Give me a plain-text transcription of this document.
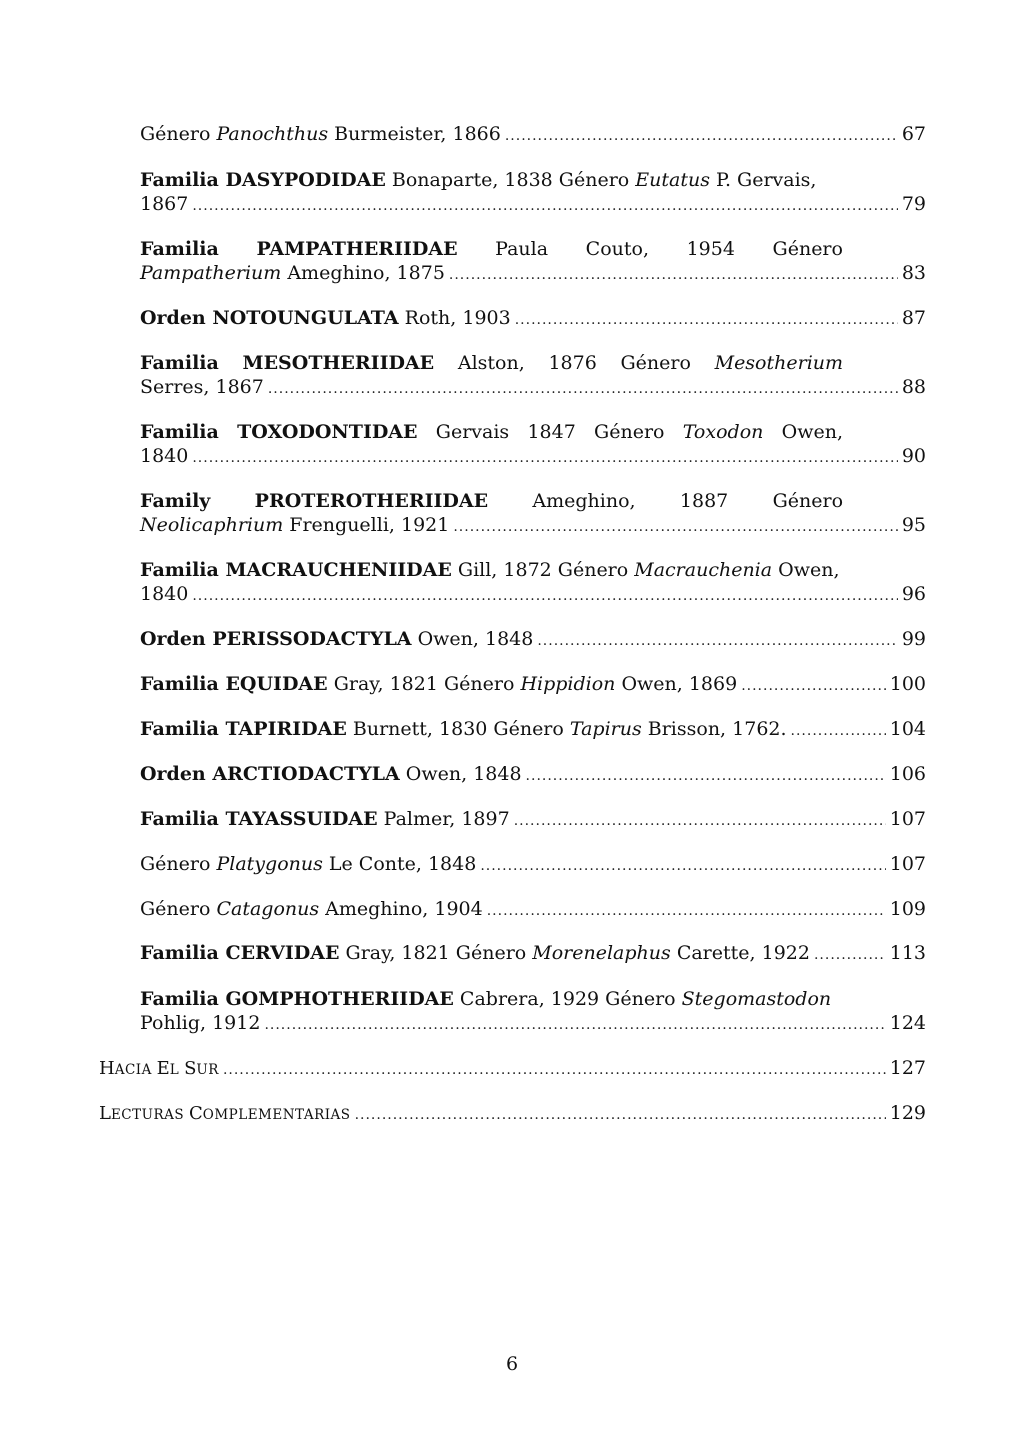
Género Panochthus Burmeister, 1866 .....	67
Familia DASYPODIDAE Bonaparte, 1838 Género Eutatus P. Gervais,
1867 .....	79
Familia PAMPATHERIIDAE Paula Couto, 1954 Género
Pampatherium Ameghino, 1875 .....	83
Orden NOTOUNGULATA Roth, 1903 .....	87
Familia MESOTHERIIDAE Alston, 1876 Género Mesotherium
Serres, 1867 .....	88
Familia TOXODONTIDAE Gervais 1847 Género Toxodon Owen,
1840 .....	90
Family PROTEROTHERIIDAE Ameghino, 1887 Género
Neolicaphrium Frenguelli, 1921 .....	95
Familia MACRAUCHENIIDAE Gill, 1872 Género Macrauchenia Owen,
1840 .....	96
Orden PERISSODACTYLA Owen, 1848 .....	99
Familia EQUIDAE Gray, 1821 Género Hippidion Owen, 1869 .....	100
Familia TAPIRIDAE Burnett, 1830 Género Tapirus Brisson, 1762. .....	104
Orden ARCTIODACTYLA Owen, 1848 .....	106
Familia TAYASSUIDAE Palmer, 1897 .....	107
Género Platygonus Le Conte, 1848 .....	107
Género Catagonus Ameghino, 1904 .....	109
Familia CERVIDAE Gray, 1821 Género Morenelaphus Carette, 1922 .....	113
Familia GOMPHOTHERIIDAE Cabrera, 1929 Género Stegomastodon
Pohlig, 1912 .....	124
HACIA EL SUR .....	127
LECTURAS COMPLEMENTARIAS .....	129
6
